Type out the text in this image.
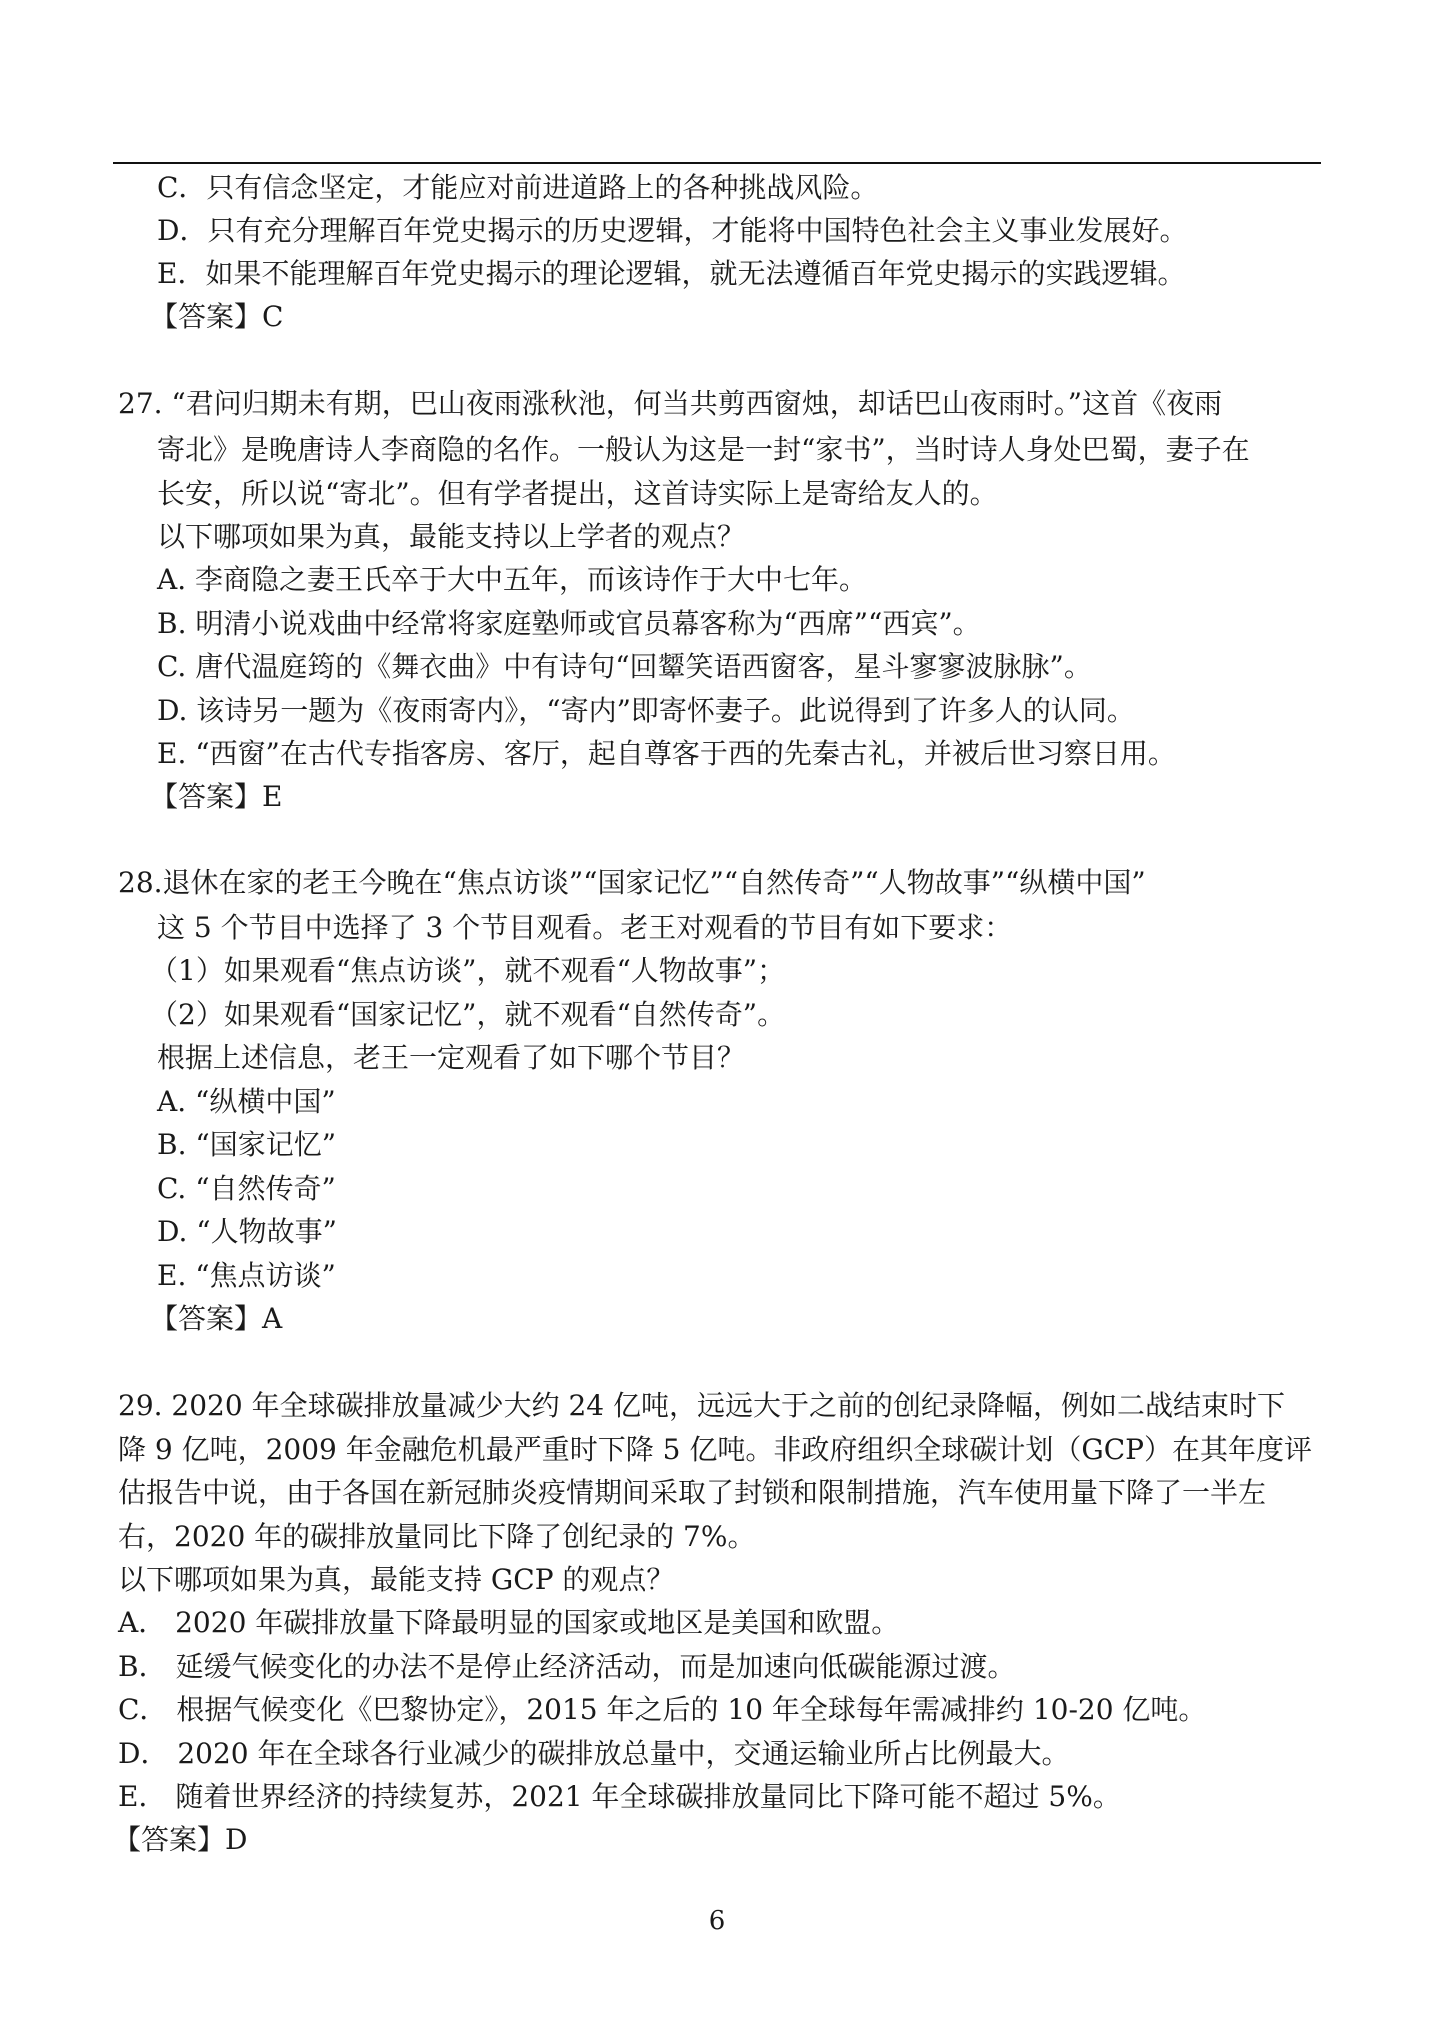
C．只有信念坚定，才能应对前进道路上的各种挑战风险。
D．只有充分理解百年党史揭示的历史逻辑，才能将中国特色社会主义事业发展好。
E．如果不能理解百年党史揭示的理论逻辑，就无法遵循百年党史揭示的实践逻辑。
【答案】C
27. “君问归期未有期，巴山夜雨涨秋池，何当共剪西窗烛，却话巴山夜雨时。”这首《夜雨
寄北》是晚唐诗人李商隐的名作。一般认为这是一封“家书”，当时诗人身处巴蜀，妻子在
长安，所以说“寄北”。但有学者提出，这首诗实际上是寄给友人的。
以下哪项如果为真，最能支持以上学者的观点？
A. 李商隐之妻王氏卒于大中五年，而该诗作于大中七年。
B. 明清小说戏曲中经常将家庭塾师或官员幕客称为“西席”“西宾”。
C. 唐代温庭筠的《舞衣曲》中有诗句“回颦笑语西窗客，星斗寥寥波脉脉”。
D. 该诗另一题为《夜雨寄内》，“寄内”即寄怀妻子。此说得到了许多人的认同。
E. “西窗”在古代专指客房、客厅，起自尊客于西的先秦古礼，并被后世习察日用。
【答案】E
28.退休在家的老王今晚在“焦点访谈”“国家记忆”“自然传奇”“人物故事”“纵横中国”
这 5 个节目中选择了 3 个节目观看。老王对观看的节目有如下要求：
（1）如果观看“焦点访谈”，就不观看“人物故事”；
（2）如果观看“国家记忆”，就不观看“自然传奇”。
根据上述信息，老王一定观看了如下哪个节目？
A. “纵横中国”
B. “国家记忆”
C. “自然传奇”
D. “人物故事”
E. “焦点访谈”
【答案】A
29. 2020 年全球碳排放量减少大约 24 亿吨，远远大于之前的创纪录降幅，例如二战结束时下
降 9 亿吨，2009 年金融危机最严重时下降 5 亿吨。非政府组织全球碳计划（GCP）在其年度评
估报告中说，由于各国在新冠肺炎疫情期间采取了封锁和限制措施，汽车使用量下降了一半左
右，2020 年的碳排放量同比下降了创纪录的 7%。
以下哪项如果为真，最能支持 GCP 的观点？
A． 2020 年碳排放量下降最明显的国家或地区是美国和欧盟。
B． 延缓气候变化的办法不是停止经济活动，而是加速向低碳能源过渡。
C． 根据气候变化《巴黎协定》，2015 年之后的 10 年全球每年需减排约 10-20 亿吨。
D． 2020 年在全球各行业减少的碳排放总量中，交通运输业所占比例最大。
E． 随着世界经济的持续复苏，2021 年全球碳排放量同比下降可能不超过 5%。
【答案】D
6
